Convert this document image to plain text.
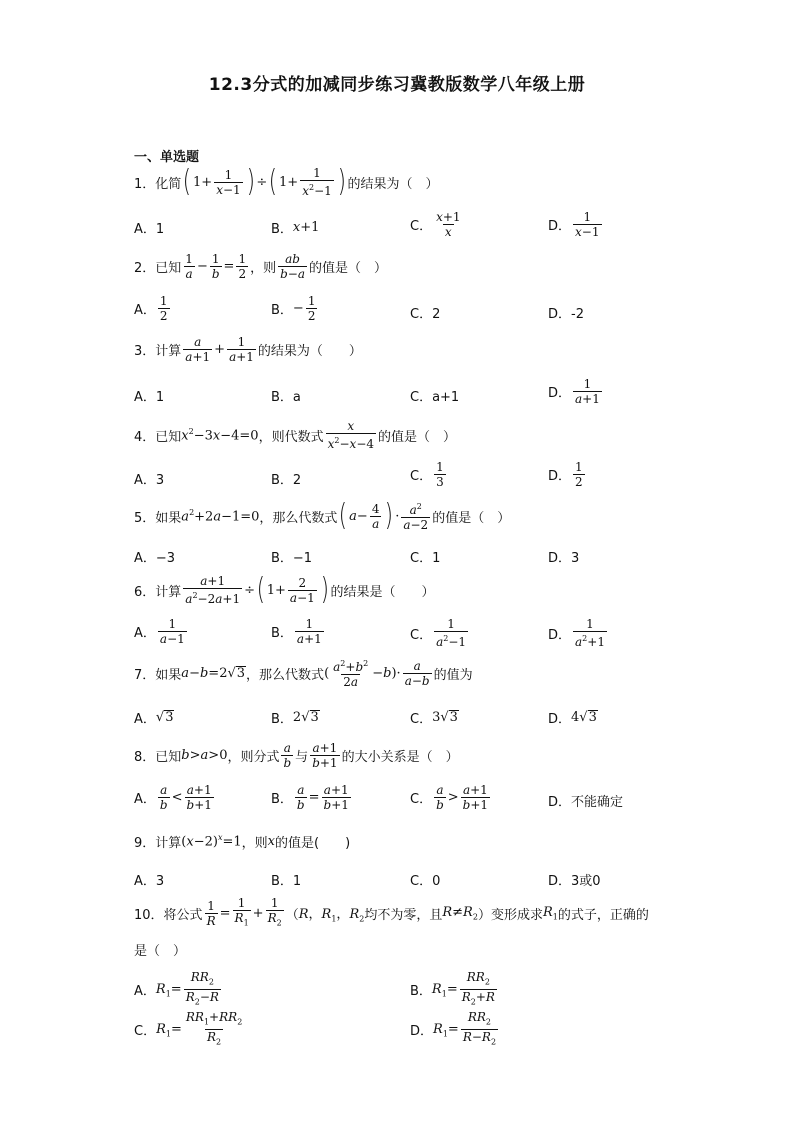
12.3分式的加减同步练习冀教版数学八年级上册
一、单选题
1． 化简 ( $1+ \frac{1}{x-1}$ ) ÷ ( $1+ \frac{1}{x^2-1}$ ) 的结果为（　）
A．1	B． x +1	C． $\frac{x+1}{x}$	D． $\frac{1}{x-1}$
2． 已知 $\frac{1}{a} - \frac{1}{b} = \frac{1}{2}$ ，则 $\frac{ab}{b-a}$ 的值是（　）
A． $\frac{1}{2}$	B． − $\frac{1}{2}$	C．2	D．-2
3． 计算 $\frac{a}{a+1} + \frac{1}{a+1}$ 的结果为（　　）
A．1	B．a	C．a+1	D． $\frac{1}{a+1}$
4． 已知 $x^2-3x-4=0$ ，则代数式 $\frac{x}{x^2-x-4}$ 的值是（　）
A．3	B．2	C． $\frac{1}{3}$	D． $\frac{1}{2}$
5． 如果 $a^2+2a-1=0$ ，那么代数式 ( $a- \frac{4}{a}$ ) · $\frac{a^2}{a-2}$ 的值是（　）
A．−3	B．−1	C．1	D．3
6． 计算 $\frac{a+1}{a^2-2a+1}$ ÷ ( $1+ \frac{2}{a-1}$ ) 的结果是（　　）
A． $\frac{1}{a-1}$	B． $\frac{1}{a+1}$	C． $\frac{1}{a^2-1}$	D． $\frac{1}{a^2+1}$
7． 如果 a−b=2√ 3 ，那么代数式 ( $\frac{a^2+b^2}{2a} -b)\cdot \frac{a}{a-b}$ 的值为
A． √ 3	B． 2√ 3	C． 3√ 3	D． 4√ 3
8． 已知 b>a>0 ，则分式 $\frac{a}{b}$ 与 $\frac{a+1}{b+1}$ 的大小关系是（　）
A． $\frac{a}{b} < \frac{a+1}{b+1}$	B． $\frac{a}{b} = \frac{a+1}{b+1}$	C． $\frac{a}{b} > \frac{a+1}{b+1}$	D．不能确定
9． 计算 $(x-2)^x=1$ ，则 x 的值是(　　)
A．3	B．1	C．0	D．3或0
10． 将公式 $\frac{1}{R} = \frac{1}{R_1} + \frac{1}{R_2}$ （ R，$R_1$，$R_2$ 均不为零，且 $R\ne R_2$ ）变形成求 $R_1$ 的式子，正确的
是（　）
A． $R_1= \frac{RR_2}{R_2-R}$	B． $R_1= \frac{RR_2}{R_2+R}$
C． $R_1= \frac{RR_1+RR_2}{R_2}$	D． $R_1= \frac{RR_2}{R-R_2}$
